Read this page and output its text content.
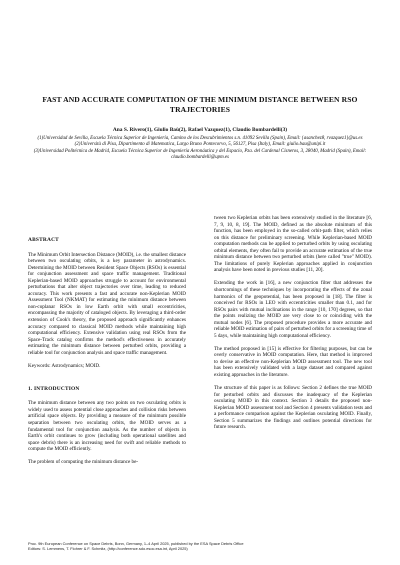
FAST AND ACCURATE COMPUTATION OF THE MINIMUM DISTANCE BETWEEN RSO TRAJECTORIES
Ana S. Rivero(1), Giulio Baù(2), Rafael Vazquez(1), Claudio Bombardelli(3)

(1)Universidad de Sevilla, Escuela Técnica Superior de Ingeniería, Camino de los Descubrimientos s.n. 41092 Sevilla (Spain), Email: {asanchez8, rvazquez1}@us.es

(2)Università di Pisa, Dipartimento di Matematica, Largo Bruno Pontecorvo, 5, 56127, Pisa (Italy), Email: giulio.bau@unipi.it

(3)Universidad Politécnica de Madrid, Escuela Técnica Superior de Ingeniería Aeronáutica y del Espacio, Pza. del Cardenal Cisneros, 3, 28040, Madrid (Spain), Email: claudio.bombardelli@upm.es

ABSTRACT

The Minimum Orbit Intersection Distance (MOID), i.e. the smallest distance between two osculating orbits, is a key parameter in astrodynamics. Determining the MOID between Resident Space Objects (RSOs) is essential for conjunction assessment and space traffic management. Traditional Keplerian-based MOID approaches struggle to account for environmental perturbations that alter object trajectories over time, leading to reduced accuracy. This work presents a fast and accurate non-Keplerian MOID Assessment Tool (NKMAT) for estimating the minimum distance between non-coplanar RSOs in low Earth orbit with small eccentricities, encompassing the majority of cataloged objects. By leveraging a third-order extension of Cook's theory, the proposed approach significantly enhances accuracy compared to classical MOID methods while maintaining high computational efficiency. Extensive validation using real RSOs from the Space-Track catalog confirms the method's effectiveness in accurately estimating the minimum distance between perturbed orbits, providing a reliable tool for conjunction analysis and space traffic management.

Keywords: Astrodynamics; MOID.

1. INTRODUCTION

The minimum distance between any two points on two osculating orbits is widely used to assess potential close approaches and collision risks between artificial space objects. By providing a measure of the minimum possible separation between two osculating orbits, the MOID serves as a fundamental tool for conjunction analysis. As the number of objects in Earth's orbit continues to grow (including both operational satellites and space debris) there is an increasing need for swift and reliable methods to compute the MOID efficiently.

The problem of computing the minimum distance be-

tween two Keplerian orbits has been extensively studied in the literature [6, 7, 9, 10, 8, 19]. The MOID, defined as the absolute minimum of this function, has been employed in the so-called orbit-path filter, which relies on this distance for preliminary screening. While Keplerian-based MOID computation methods can be applied to perturbed orbits by using osculating orbital elements, they often fail to provide an accurate estimation of the true minimum distance between two perturbed orbits (here called "true" MOID). The limitations of purely Keplerian approaches applied in conjunction analysis have been noted in previous studies [11, 20].

Extending the work in [16], a new conjunction filter that addresses the shortcomings of these techniques by incorporating the effects of the zonal harmonics of the geopotential, has been proposed in [18]. The filter is conceived for RSOs in LEO with eccentricities smaller than 0.1, and for RSOs pairs with mutual inclinations in the range [10, 170] degrees, so that the points realizing the MOID are very close to or coinciding with the mutual nodes [6]. The proposed procedure provides a more accurate and reliable MOID estimation of pairs of perturbed orbits for a screening time of 5 days, while maintaining high computational efficiency.

The method proposed in [15] is effective for filtering purposes, but can be overly conservative in MOID computation. Here, that method is improved to devise an effective non-Keplerian MOID assessment tool. The new tool has been extensively validated with a large dataset and compared against existing approaches in the literature.

The structure of this paper is as follows: Section 2 defines the true MOID for perturbed orbits and discusses the inadequacy of the Keplerian osculating MOID in this context. Section 3 details the proposed non-Keplerian MOID assessment tool and Section 4 presents validation tests and a performance comparison against the Keplerian osculating MOID. Finally, Section 5 summarizes the findings and outlines potential directions for future research.

Proc. 9th European Conference on Space Debris, Bonn, Germany, 1–4 April 2025, published by the ESA Space Debris Office

Editors: S. Lemmens, T. Flohrer & F. Schmitz, (http://conference.sdo.esoc.esa.int, April 2025)
